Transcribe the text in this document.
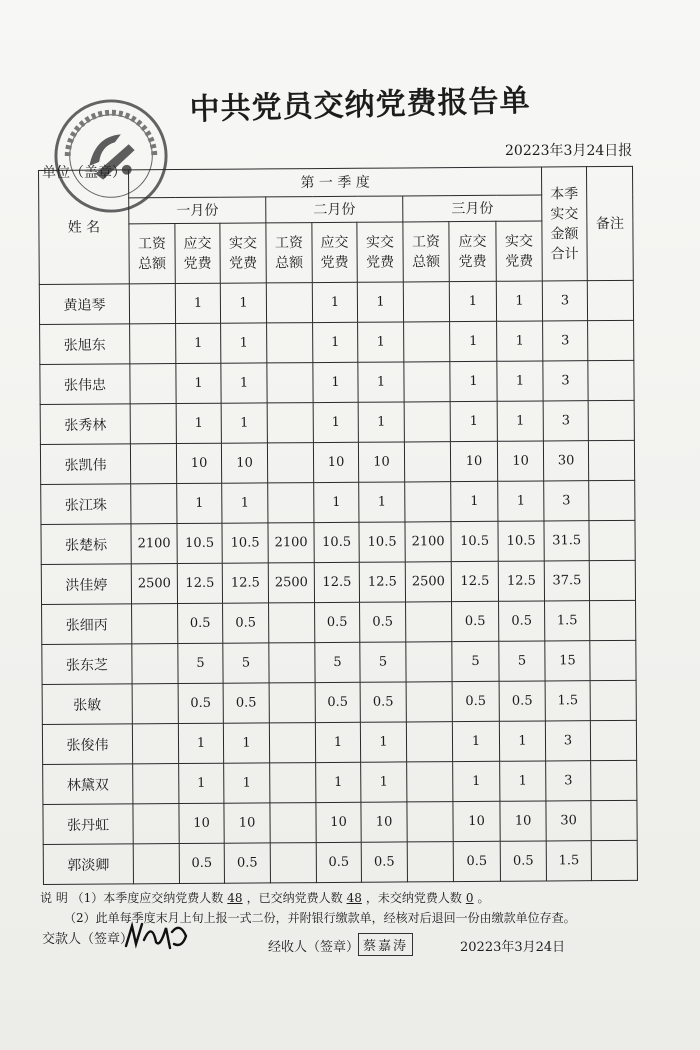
中共党员交纳党费报告单
20223年3月24日报
单位（盖章）
姓 名	第 一 季 度									本季实交金额合计	备注
	一月份			二月份			三月份				

	工资总额	应交党费	实交党费	工资总额	应交党费	实交党费	工资总额	应交党费	实交党费		

黄追琴		1	1		1	1		1	1	3	
张旭东		1	1		1	1		1	1	3	
张伟忠		1	1		1	1		1	1	3	
张秀林		1	1		1	1		1	1	3	
张凯伟		10	10		10	10		10	10	30	
张江珠		1	1		1	1		1	1	3	
张楚标	2100	10.5	10.5	2100	10.5	10.5	2100	10.5	10.5	31.5	
洪佳婷	2500	12.5	12.5	2500	12.5	12.5	2500	12.5	12.5	37.5	
张细丙		0.5	0.5		0.5	0.5		0.5	0.5	1.5	
张东芝		5	5		5	5		5	5	15	
张敏		0.5	0.5		0.5	0.5		0.5	0.5	1.5	
张俊伟		1	1		1	1		1	1	3	
林黛双		1	1		1	1		1	1	3	
张丹虹		10	10		10	10		10	10	30	
郭淡卿		0.5	0.5		0.5	0.5		0.5	0.5	1.5	
说 明 （1）本季度应交纳党费人数 48 ，已交纳党费人数 48 ，未交纳党费人数 0 。
（2）此单每季度末月上旬上报一式二份，并附银行缴款单，经核对后退回一份由缴款单位存查。
交款人（签章）
经收人（签章） 蔡嘉涛	20223年3月24日
